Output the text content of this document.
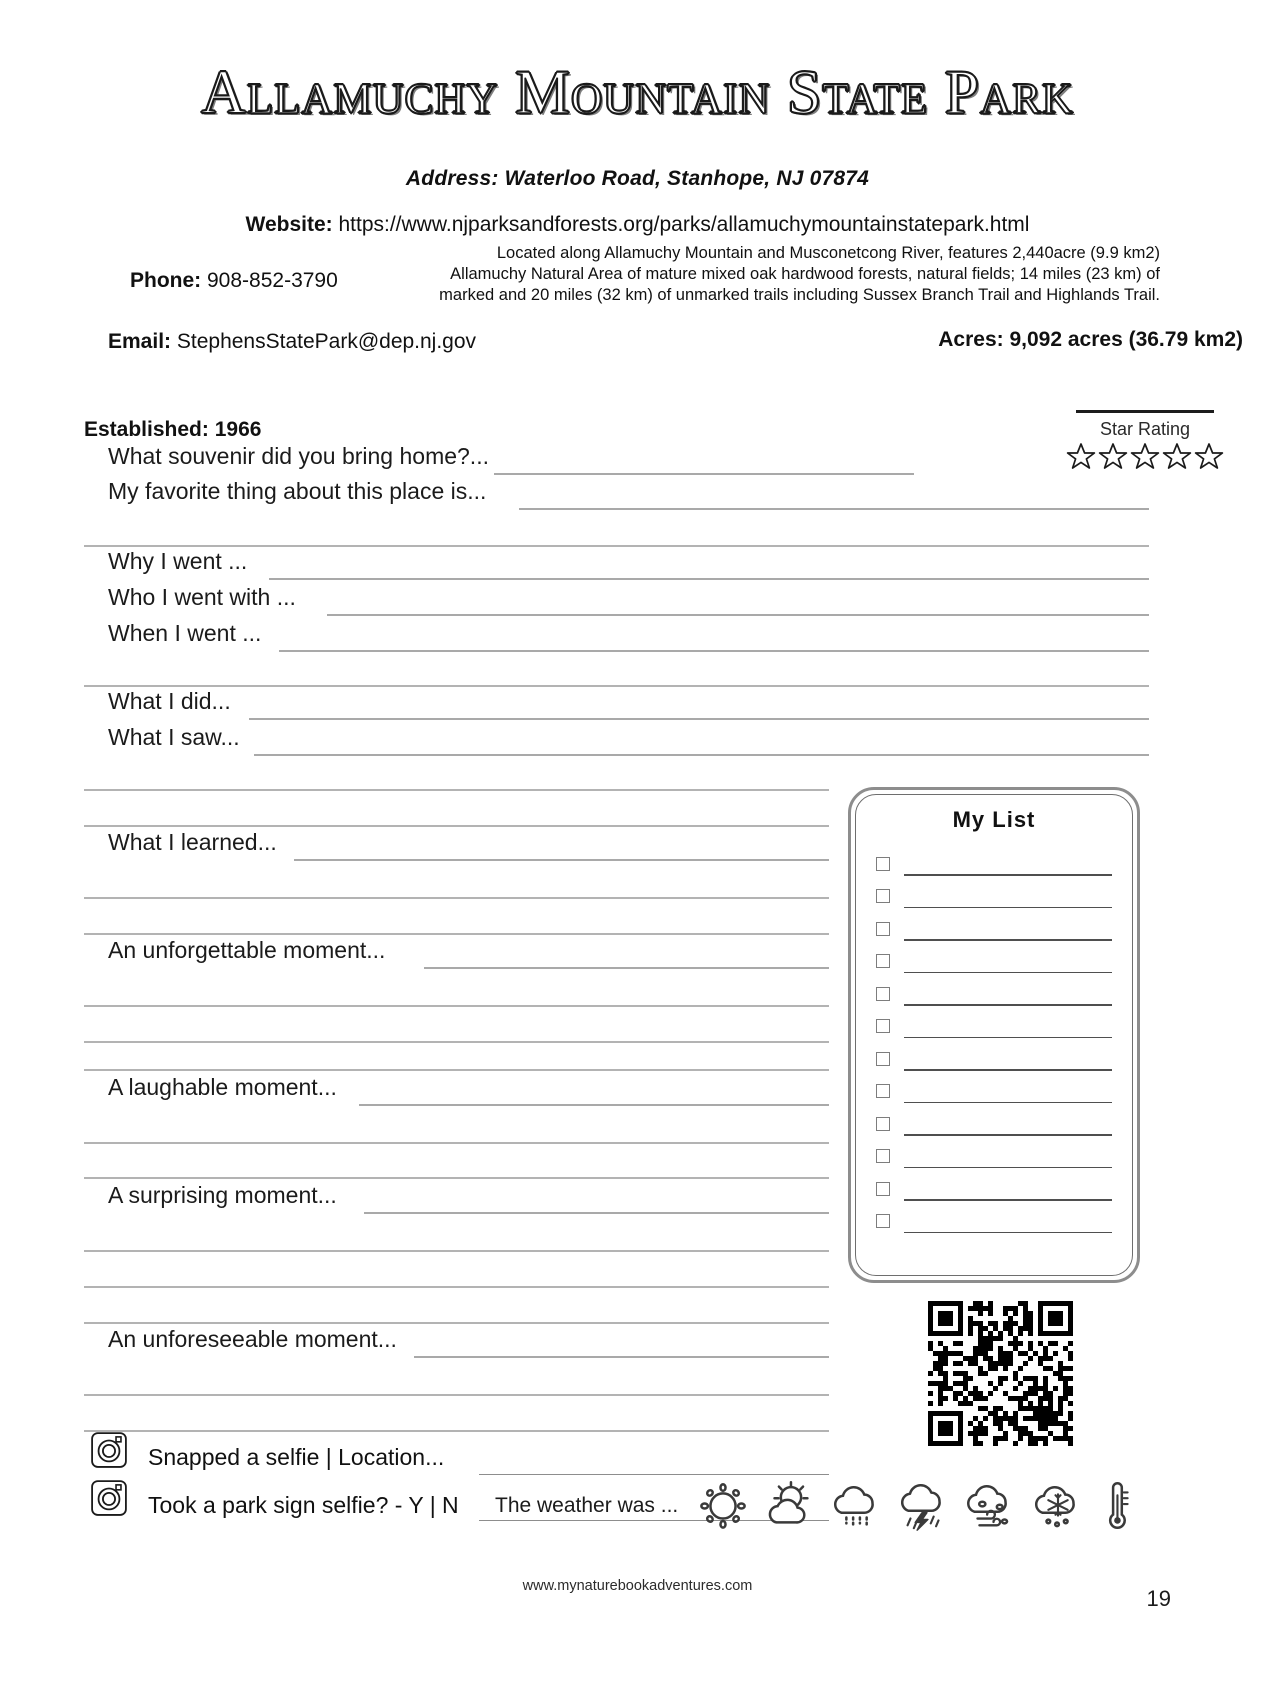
Allamuchy Mountain State Park
Address: Waterloo Road, Stanhope, NJ 07874
Website: https://www.njparksandforests.org/parks/allamuchymountainstatepark.html
Located along Allamuchy Mountain and Musconetcong River, features 2,440acre (9.9 km2) Allamuchy Natural Area of mature mixed oak hardwood forests, natural fields; 14 miles (23 km) of marked and 20 miles (32 km) of unmarked trails including Sussex Branch Trail and Highlands Trail.
Phone: 908-852-3790
Email: StephensStatePark@dep.nj.gov	Acres: 9,092 acres (36.79 km2)
Established: 1966	Star Rating
What souvenir did you bring home?...
My favorite thing about this place is...
Why I went ...
Who I went with ...
When I went ...
What I did...
What I saw...
What I learned...
An unforgettable moment...
A laughable moment...
A surprising moment...
An unforeseeable moment...
My List
Snapped a selfie | Location...
Took a park sign selfie? - Y | N The weather was ...
www.mynaturebookadventures.com	19
